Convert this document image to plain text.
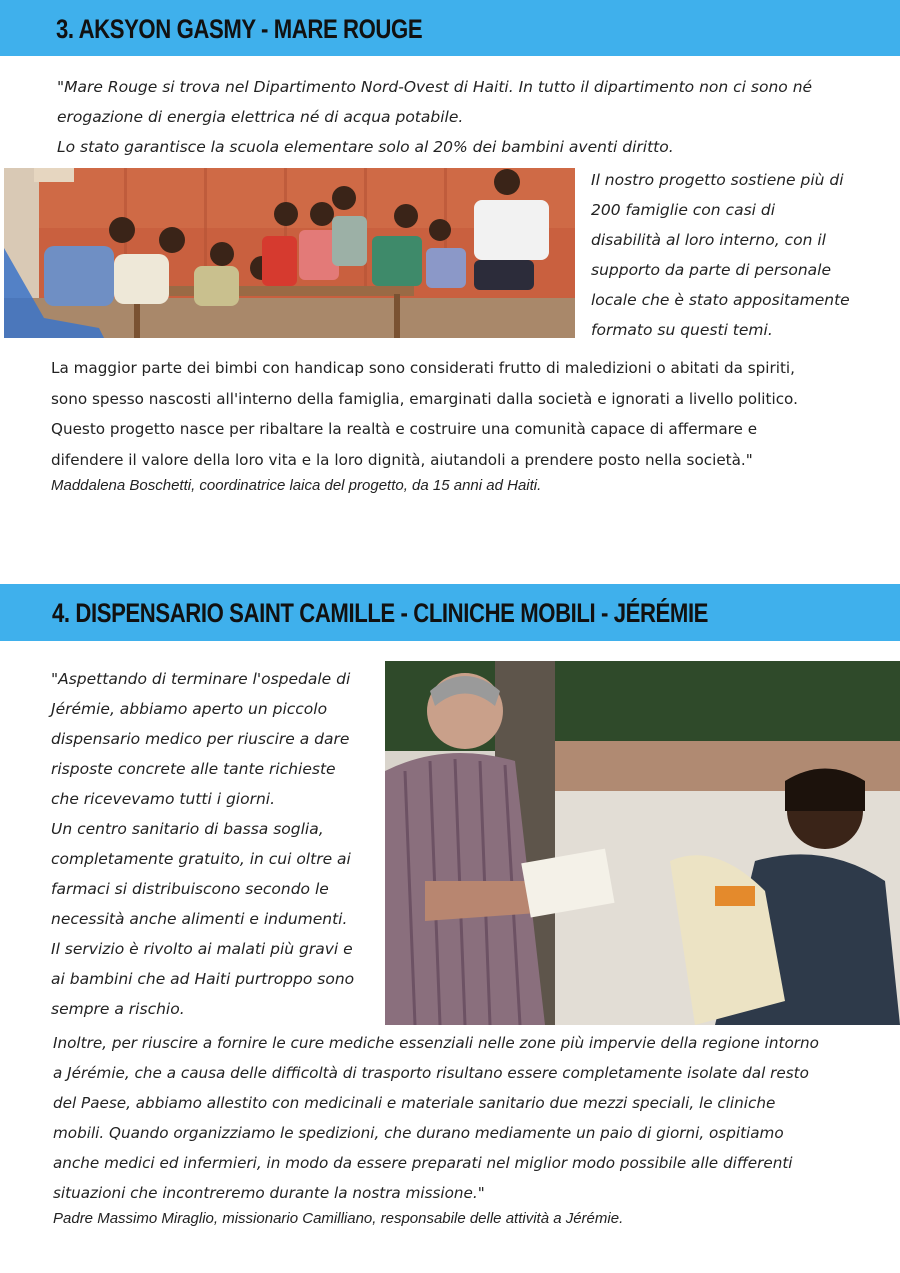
3. AKSYON GASMY - MARE ROUGE

"Mare Rouge si trova nel Dipartimento Nord-Ovest di Haiti. In tutto il dipartimento non ci sono né

erogazione di energia elettrica né di acqua potabile.

Lo stato garantisce la scuola elementare solo al 20% dei bambini aventi diritto.

Il nostro progetto sostiene più di

200 famiglie con casi di

disabilità al loro interno, con il

supporto da parte di personale

locale che è stato appositamente

formato su questi temi.

La maggior parte dei bimbi con handicap sono considerati frutto di maledizioni o abitati da spiriti,

sono spesso nascosti all'interno della famiglia, emarginati dalla società e ignorati a livello politico.

Questo progetto nasce per ribaltare la realtà e costruire una comunità capace di affermare e

difendere il valore della loro vita e la loro dignità, aiutandoli a prendere posto nella società."

Maddalena Boschetti, coordinatrice laica del progetto, da 15 anni ad Haiti.

4. DISPENSARIO SAINT CAMILLE - CLINICHE MOBILI - JÉRÉMIE

"Aspettando di terminare l'ospedale di

Jérémie, abbiamo aperto un piccolo

dispensario medico per riuscire a dare

risposte concrete alle tante richieste

che ricevevamo tutti i giorni.

Un centro sanitario di bassa soglia,

completamente gratuito, in cui oltre ai

farmaci si distribuiscono secondo le

necessità anche alimenti e indumenti.

Il servizio è rivolto ai malati più gravi e

ai bambini che ad Haiti purtroppo sono

sempre a rischio.

Inoltre, per riuscire a fornire le cure mediche essenziali nelle zone più impervie della regione intorno

a Jérémie, che a causa delle difficoltà di trasporto risultano essere completamente isolate dal resto

del Paese, abbiamo allestito con medicinali e materiale sanitario due mezzi speciali, le cliniche

mobili. Quando organizziamo le spedizioni, che durano mediamente un paio di giorni, ospitiamo

anche medici ed infermieri, in modo da essere preparati nel miglior modo possibile alle differenti

situazioni che incontreremo durante la nostra missione."

Padre Massimo Miraglio, missionario Camilliano, responsabile delle attività a Jérémie.
